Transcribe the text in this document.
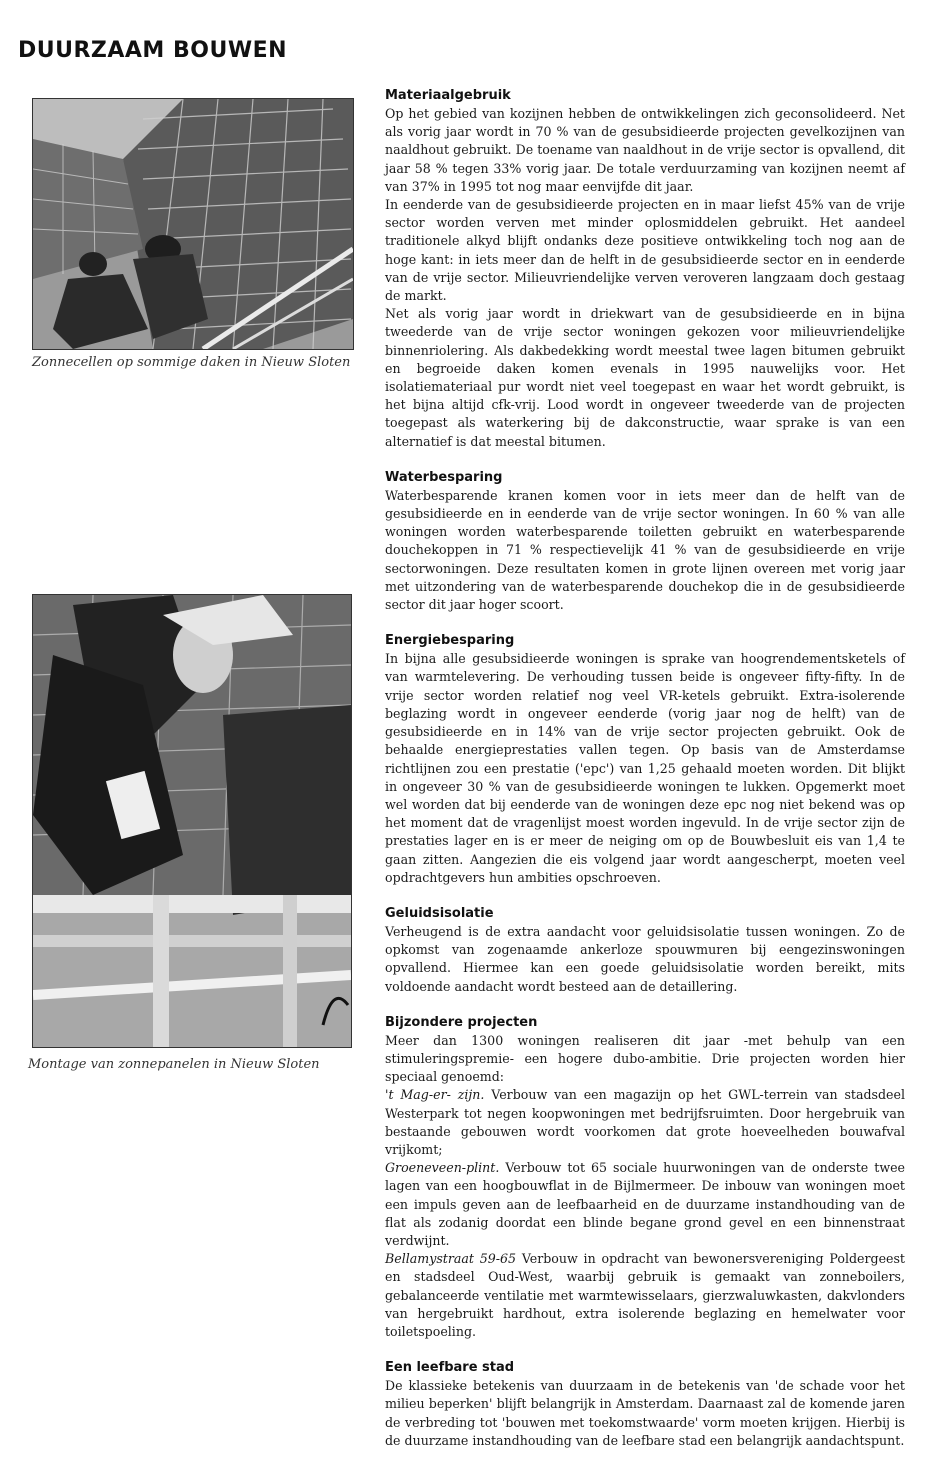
DUURZAAM BOUWEN
Zonnecellen op sommige daken in Nieuw Sloten
Montage van zonnepanelen in Nieuw Sloten
Materiaalgebruik

Op het gebied van kozijnen hebben de ontwikkelingen zich geconsolideerd. Net als vorig jaar wordt in 70 % van de gesubsidieerde projecten gevelkozijnen van naaldhout gebruikt. De toename van naaldhout in de vrije sector is opvallend, dit jaar 58 % tegen 33% vorig jaar. De totale verduurzaming van kozijnen neemt af van 37% in 1995 tot nog maar eenvijfde dit jaar.

In eenderde van de gesubsidieerde projecten en in maar liefst 45% van de vrije sector worden verven met minder oplosmiddelen gebruikt. Het aandeel traditionele alkyd blijft ondanks deze positieve ontwikkeling toch nog aan de hoge kant: in iets meer dan de helft in de gesubsidieerde sector en in eenderde van de vrije sector. Milieuvriendelijke verven veroveren langzaam doch gestaag de markt.

Net als vorig jaar wordt in driekwart van de gesubsidieerde en in bijna tweederde van de vrije sector woningen gekozen voor milieuvriendelijke binnenriolering. Als dakbedekking wordt meestal twee lagen bitumen gebruikt en begroeide daken komen evenals in 1995 nauwelijks voor. Het isolatiemateriaal pur wordt niet veel toegepast en waar het wordt gebruikt, is het bijna altijd cfk-vrij. Lood wordt in ongeveer tweederde van de projecten toegepast als waterkering bij de dakconstructie, waar sprake is van een alternatief is dat meestal bitumen.

Waterbesparing

Waterbesparende kranen komen voor in iets meer dan de helft van de gesubsidieerde en in eenderde van de vrije sector woningen. In 60 % van alle woningen worden waterbesparende toiletten gebruikt en waterbesparende douchekoppen in 71 % respectievelijk 41 % van de gesubsidieerde en vrije sectorwoningen. Deze resultaten komen in grote lijnen overeen met vorig jaar met uitzondering van de waterbesparende douchekop die in de gesubsidieerde sector dit jaar hoger scoort.

Energiebesparing

In bijna alle gesubsidieerde woningen is sprake van hoogrendementsketels of van warmtelevering. De verhouding tussen beide is ongeveer fifty-fifty. In de vrije sector worden relatief nog veel VR-ketels gebruikt. Extra-isolerende beglazing wordt in ongeveer eenderde (vorig jaar nog de helft) van de gesubsidieerde en in 14% van de vrije sector projecten gebruikt. Ook de behaalde energieprestaties vallen tegen. Op basis van de Amsterdamse richtlijnen zou een prestatie ('epc') van 1,25 gehaald moeten worden. Dit blijkt in ongeveer 30 % van de gesubsidieerde woningen te lukken. Opgemerkt moet wel worden dat bij eenderde van de woningen deze epc nog niet bekend was op het moment dat de vragenlijst moest worden ingevuld. In de vrije sector zijn de prestaties lager en is er meer de neiging om op de Bouwbesluit eis van 1,4 te gaan zitten. Aangezien die eis volgend jaar wordt aangescherpt, moeten veel opdrachtgevers hun ambities opschroeven.

Geluidsisolatie

Verheugend is de extra aandacht voor geluidsisolatie tussen woningen. Zo de opkomst van zogenaamde ankerloze spouwmuren bij eengezinswoningen opvallend. Hiermee kan een goede geluidsisolatie worden bereikt, mits voldoende aandacht wordt besteed aan de detaillering.

Bijzondere projecten

Meer dan 1300 woningen realiseren dit jaar -met behulp van een stimuleringspremie- een hogere dubo-ambitie. Drie projecten worden hier speciaal genoemd:

't Mag-er- zijn. Verbouw van een magazijn op het GWL-terrein van stadsdeel Westerpark tot negen koopwoningen met bedrijfsruimten. Door hergebruik van bestaande gebouwen wordt voorkomen dat grote hoeveelheden bouwafval vrijkomt;

Groeneveen-plint. Verbouw tot 65 sociale huurwoningen van de onderste twee lagen van een hoogbouwflat in de Bijlmermeer. De inbouw van woningen moet een impuls geven aan de leefbaarheid en de duurzame instandhouding van de flat als zodanig doordat een blinde begane grond gevel en een binnenstraat verdwijnt.

Bellamystraat 59-65 Verbouw in opdracht van bewonersvereniging Poldergeest en stadsdeel Oud-West, waarbij gebruik is gemaakt van zonneboilers, gebalanceerde ventilatie met warmtewisselaars, gierzwaluwkasten, dakvlonders van hergebruikt hardhout, extra isolerende beglazing en hemelwater voor toiletspoeling.

Een leefbare stad

De klassieke betekenis van duurzaam in de betekenis van 'de schade voor het milieu beperken' blijft belangrijk in Amsterdam. Daarnaast zal de komende jaren de verbreding tot 'bouwen met toekomstwaarde' vorm moeten krijgen. Hierbij is de duurzame instandhouding van de leefbare stad een belangrijk aandachtspunt.
